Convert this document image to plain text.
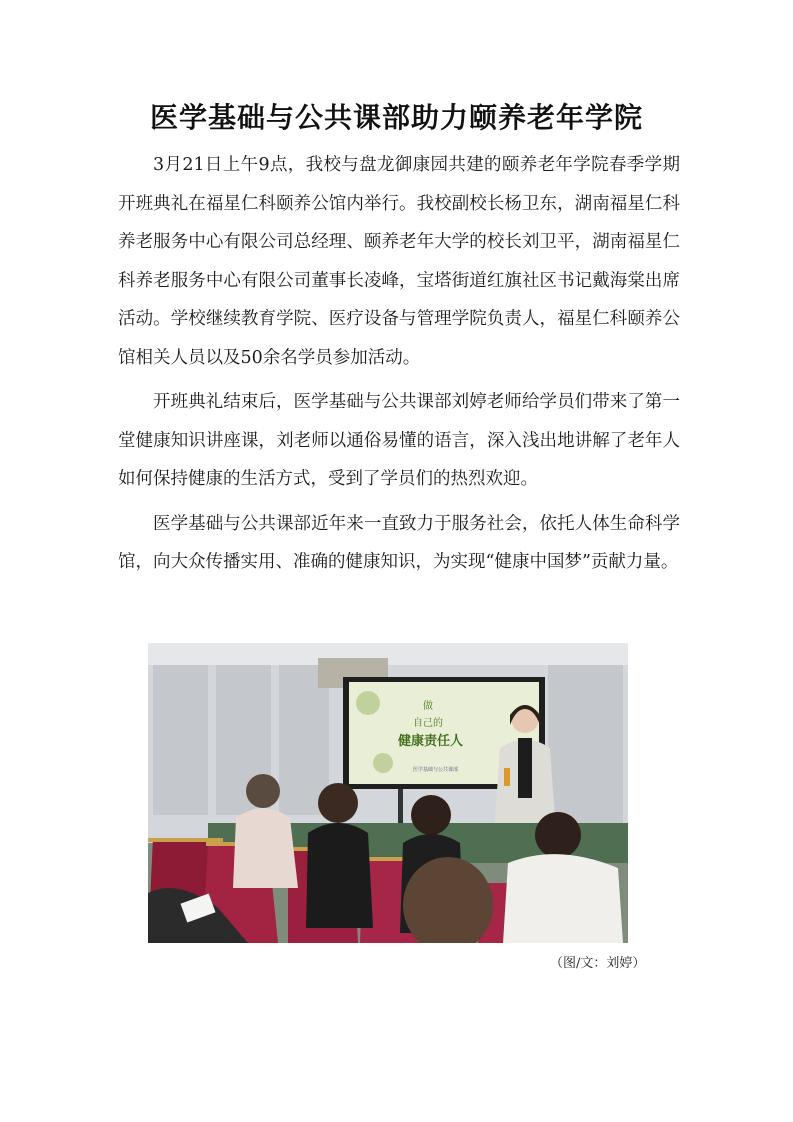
医学基础与公共课部助力颐养老年学院

3月21日上午9点，我校与盘龙御康园共建的颐养老年学院春季学期开班典礼在福星仁科颐养公馆内举行。我校副校长杨卫东，湖南福星仁科养老服务中心有限公司总经理、颐养老年大学的校长刘卫平，湖南福星仁科养老服务中心有限公司董事长凌峰，宝塔街道红旗社区书记戴海棠出席活动。学校继续教育学院、医疗设备与管理学院负责人，福星仁科颐养公馆相关人员以及50余名学员参加活动。

开班典礼结束后，医学基础与公共课部刘婷老师给学员们带来了第一堂健康知识讲座课，刘老师以通俗易懂的语言，深入浅出地讲解了老年人如何保持健康的生活方式，受到了学员们的热烈欢迎。

医学基础与公共课部近年来一直致力于服务社会，依托人体生命科学馆，向大众传播实用、准确的健康知识，为实现“健康中国梦”贡献力量。

做
自己的
健康责任人
医学基础与公共课部
（图/文：刘婷）
